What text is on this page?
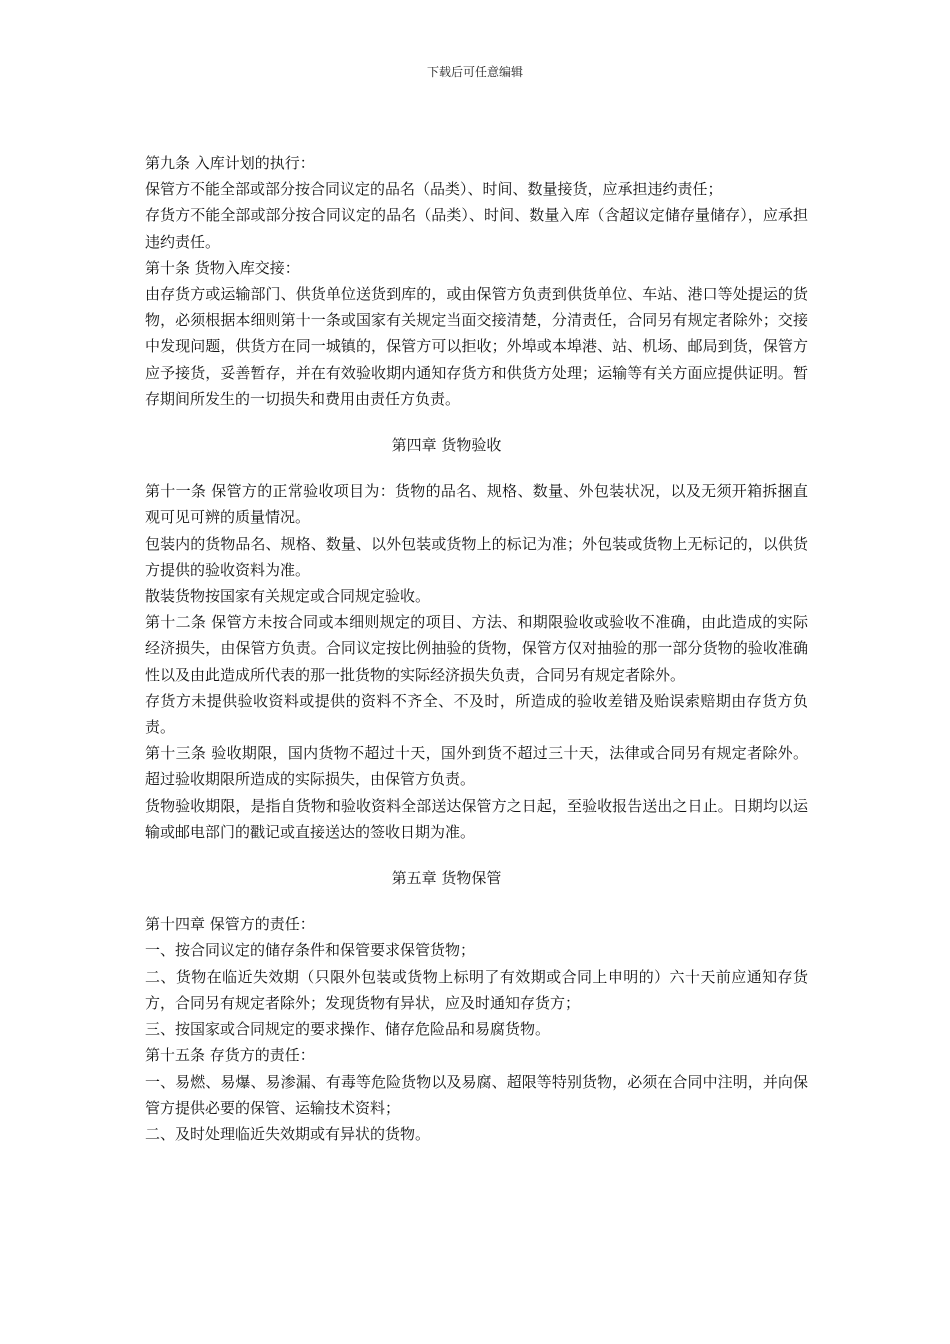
下载后可任意编辑

第九条 入库计划的执行：

保管方不能全部或部分按合同议定的品名（品类）、时间、数量接货，应承担违约责任；

存货方不能全部或部分按合同议定的品名（品类）、时间、数量入库（含超议定储存量储存），应承担违约责任。

第十条 货物入库交接：

由存货方或运输部门、供货单位送货到库的，或由保管方负责到供货单位、车站、港口等处提运的货物，必须根据本细则第十一条或国家有关规定当面交接清楚，分清责任，合同另有规定者除外；交接中发现问题，供货方在同一城镇的，保管方可以拒收；外埠或本埠港、站、机场、邮局到货，保管方应予接货，妥善暂存，并在有效验收期内通知存货方和供货方处理；运输等有关方面应提供证明。暂存期间所发生的一切损失和费用由责任方负责。

第四章 货物验收

第十一条 保管方的正常验收项目为：货物的品名、规格、数量、外包装状况，以及无须开箱拆捆直观可见可辨的质量情况。

包装内的货物品名、规格、数量、以外包装或货物上的标记为准；外包装或货物上无标记的，以供货方提供的验收资料为准。

散装货物按国家有关规定或合同规定验收。

第十二条 保管方未按合同或本细则规定的项目、方法、和期限验收或验收不准确，由此造成的实际经济损失，由保管方负责。合同议定按比例抽验的货物，保管方仅对抽验的那一部分货物的验收准确性以及由此造成所代表的那一批货物的实际经济损失负责，合同另有规定者除外。

存货方未提供验收资料或提供的资料不齐全、不及时，所造成的验收差错及贻误索赔期由存货方负责。

第十三条 验收期限，国内货物不超过十天，国外到货不超过三十天，法律或合同另有规定者除外。超过验收期限所造成的实际损失，由保管方负责。

货物验收期限，是指自货物和验收资料全部送达保管方之日起，至验收报告送出之日止。日期均以运输或邮电部门的戳记或直接送达的签收日期为准。

第五章 货物保管

第十四章 保管方的责任：

一、按合同议定的储存条件和保管要求保管货物；

二、货物在临近失效期（只限外包装或货物上标明了有效期或合同上申明的）六十天前应通知存货方，合同另有规定者除外；发现货物有异状，应及时通知存货方；

三、按国家或合同规定的要求操作、储存危险品和易腐货物。

第十五条 存货方的责任：

一、易燃、易爆、易渗漏、有毒等危险货物以及易腐、超限等特别货物，必须在合同中注明，并向保管方提供必要的保管、运输技术资料；

二、及时处理临近失效期或有异状的货物。
